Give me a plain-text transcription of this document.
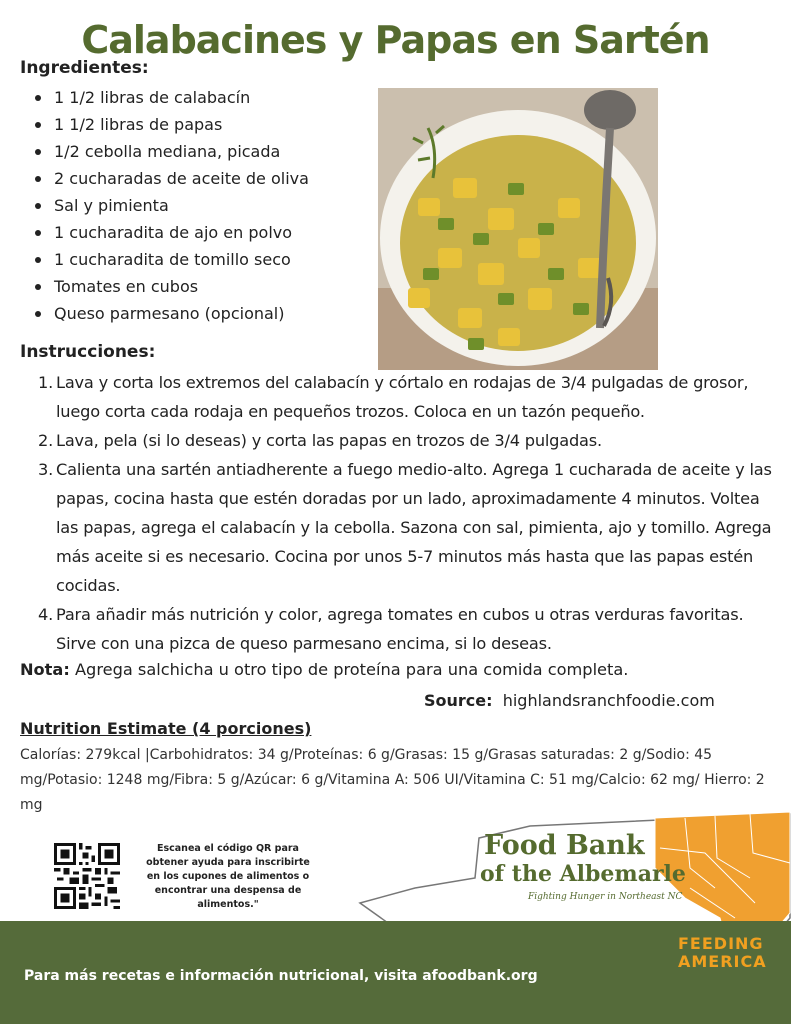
Calabacines y Papas en Sartén
Ingredientes:
1 1/2 libras de calabacín
1 1/2 libras de papas
1/2 cebolla mediana, picada
2 cucharadas de aceite de oliva
Sal y pimienta
1 cucharadita de ajo en polvo
1 cucharadita de tomillo seco
Tomates en cubos
Queso parmesano (opcional)
Instrucciones:
1. Lava y corta los extremos del calabacín y córtalo en rodajas de 3/4 pulgadas de grosor, luego corta cada rodaja en pequeños trozos. Coloca en un tazón pequeño.
2. Lava, pela (si lo deseas) y corta las papas en trozos de 3/4 pulgadas.
3. Calienta una sartén antiadherente a fuego medio-alto. Agrega 1 cucharada de aceite y las papas, cocina hasta que estén doradas por un lado, aproximadamente 4 minutos. Voltea las papas, agrega el calabacín y la cebolla. Sazona con sal, pimienta, ajo y tomillo. Agrega más aceite si es necesario. Cocina por unos 5-7 minutos más hasta que las papas estén cocidas.
4. Para añadir más nutrición y color, agrega tomates en cubos u otras verduras favoritas. Sirve con una pizca de queso parmesano encima, si lo deseas.

Nota: Agrega salchicha u otro tipo de proteína para una comida completa.

Source: highlandsranchfoodie.com

Nutrition Estimate (4 porciones)

Calorías: 279kcal |Carbohidratos: 34 g/Proteínas: 6 g/Grasas: 15 g/Grasas saturadas: 2 g/Sodio: 45 mg/Potasio: 1248 mg/Fibra: 5 g/Azúcar: 6 g/Vitamina A: 506 UI/Vitamina C: 51 mg/Calcio: 62 mg/ Hierro: 2 mg

Escanea el código QR para obtener ayuda para inscribirte en los cupones de alimentos o encontrar una despensa de alimentos."

Food Bank

of the Albemarle

Fighting Hunger in Northeast NC

Para más recetas e información nutricional, visita afoodbank.org

FEEDING
AMERICA
